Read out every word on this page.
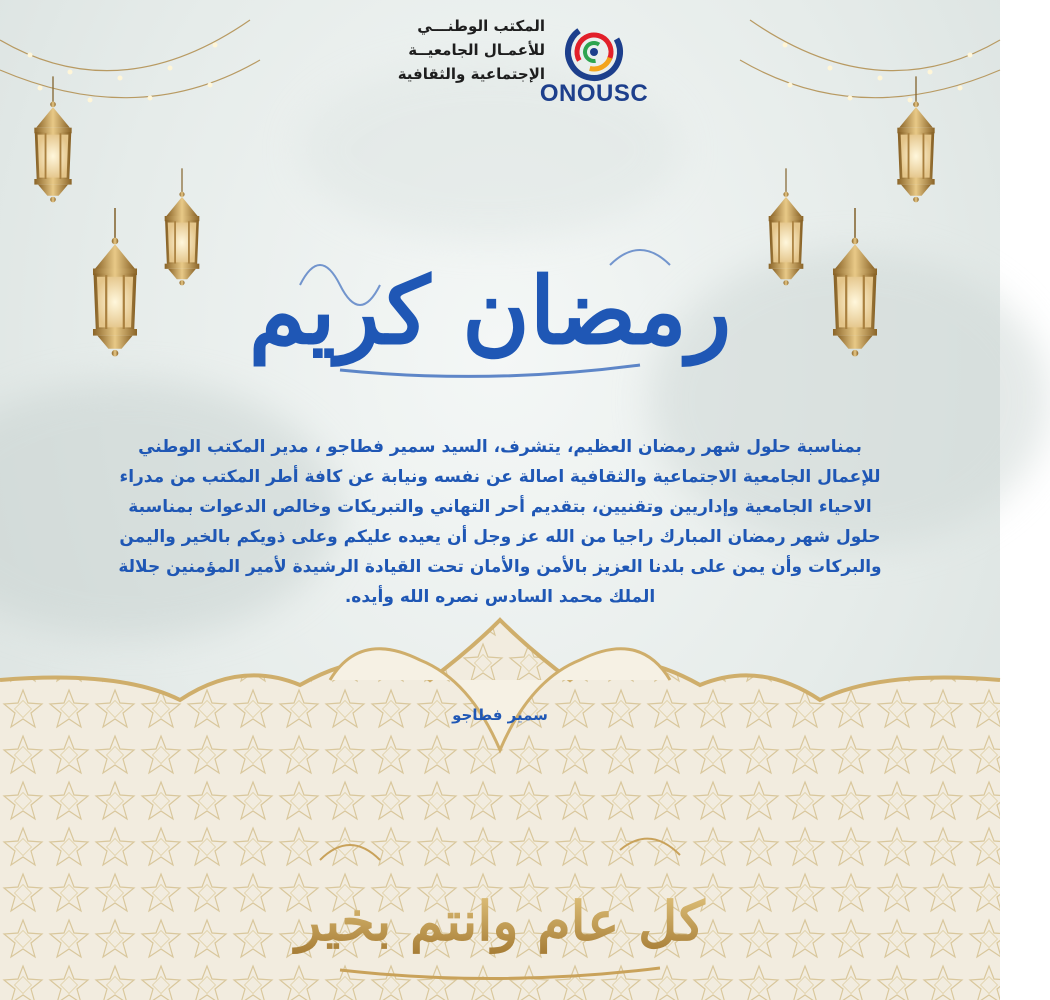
المكتب الوطنـــي
للأعمـال الجامعيــة
الإجتماعية والثقافية
ONOUSC
رمضان كريم
بمناسبة حلول شهر رمضان العظيم، يتشرف، السيد سمير فطاجو ، مدير المكتب الوطني
للإعمال الجامعية الاجتماعية والثقافية اصالة عن نفسه ونيابة عن كافة أطر المكتب من مدراء
الاحياء الجامعية وإداريين وتقنيين، بتقديم أحر التهاني والتبريكات وخالص الدعوات بمناسبة
حلول شهر رمضان المبارك راجيا من الله عز وجل أن يعيده عليكم وعلى ذويكم بالخير واليمن
والبركات وأن يمن على بلدنا العزيز بالأمن والأمان تحت القيادة الرشيدة لأمير المؤمنين جلالة
الملك محمد السادس نصره الله وأيده.
سمير فطاجو
كل عام وانتم بخير
